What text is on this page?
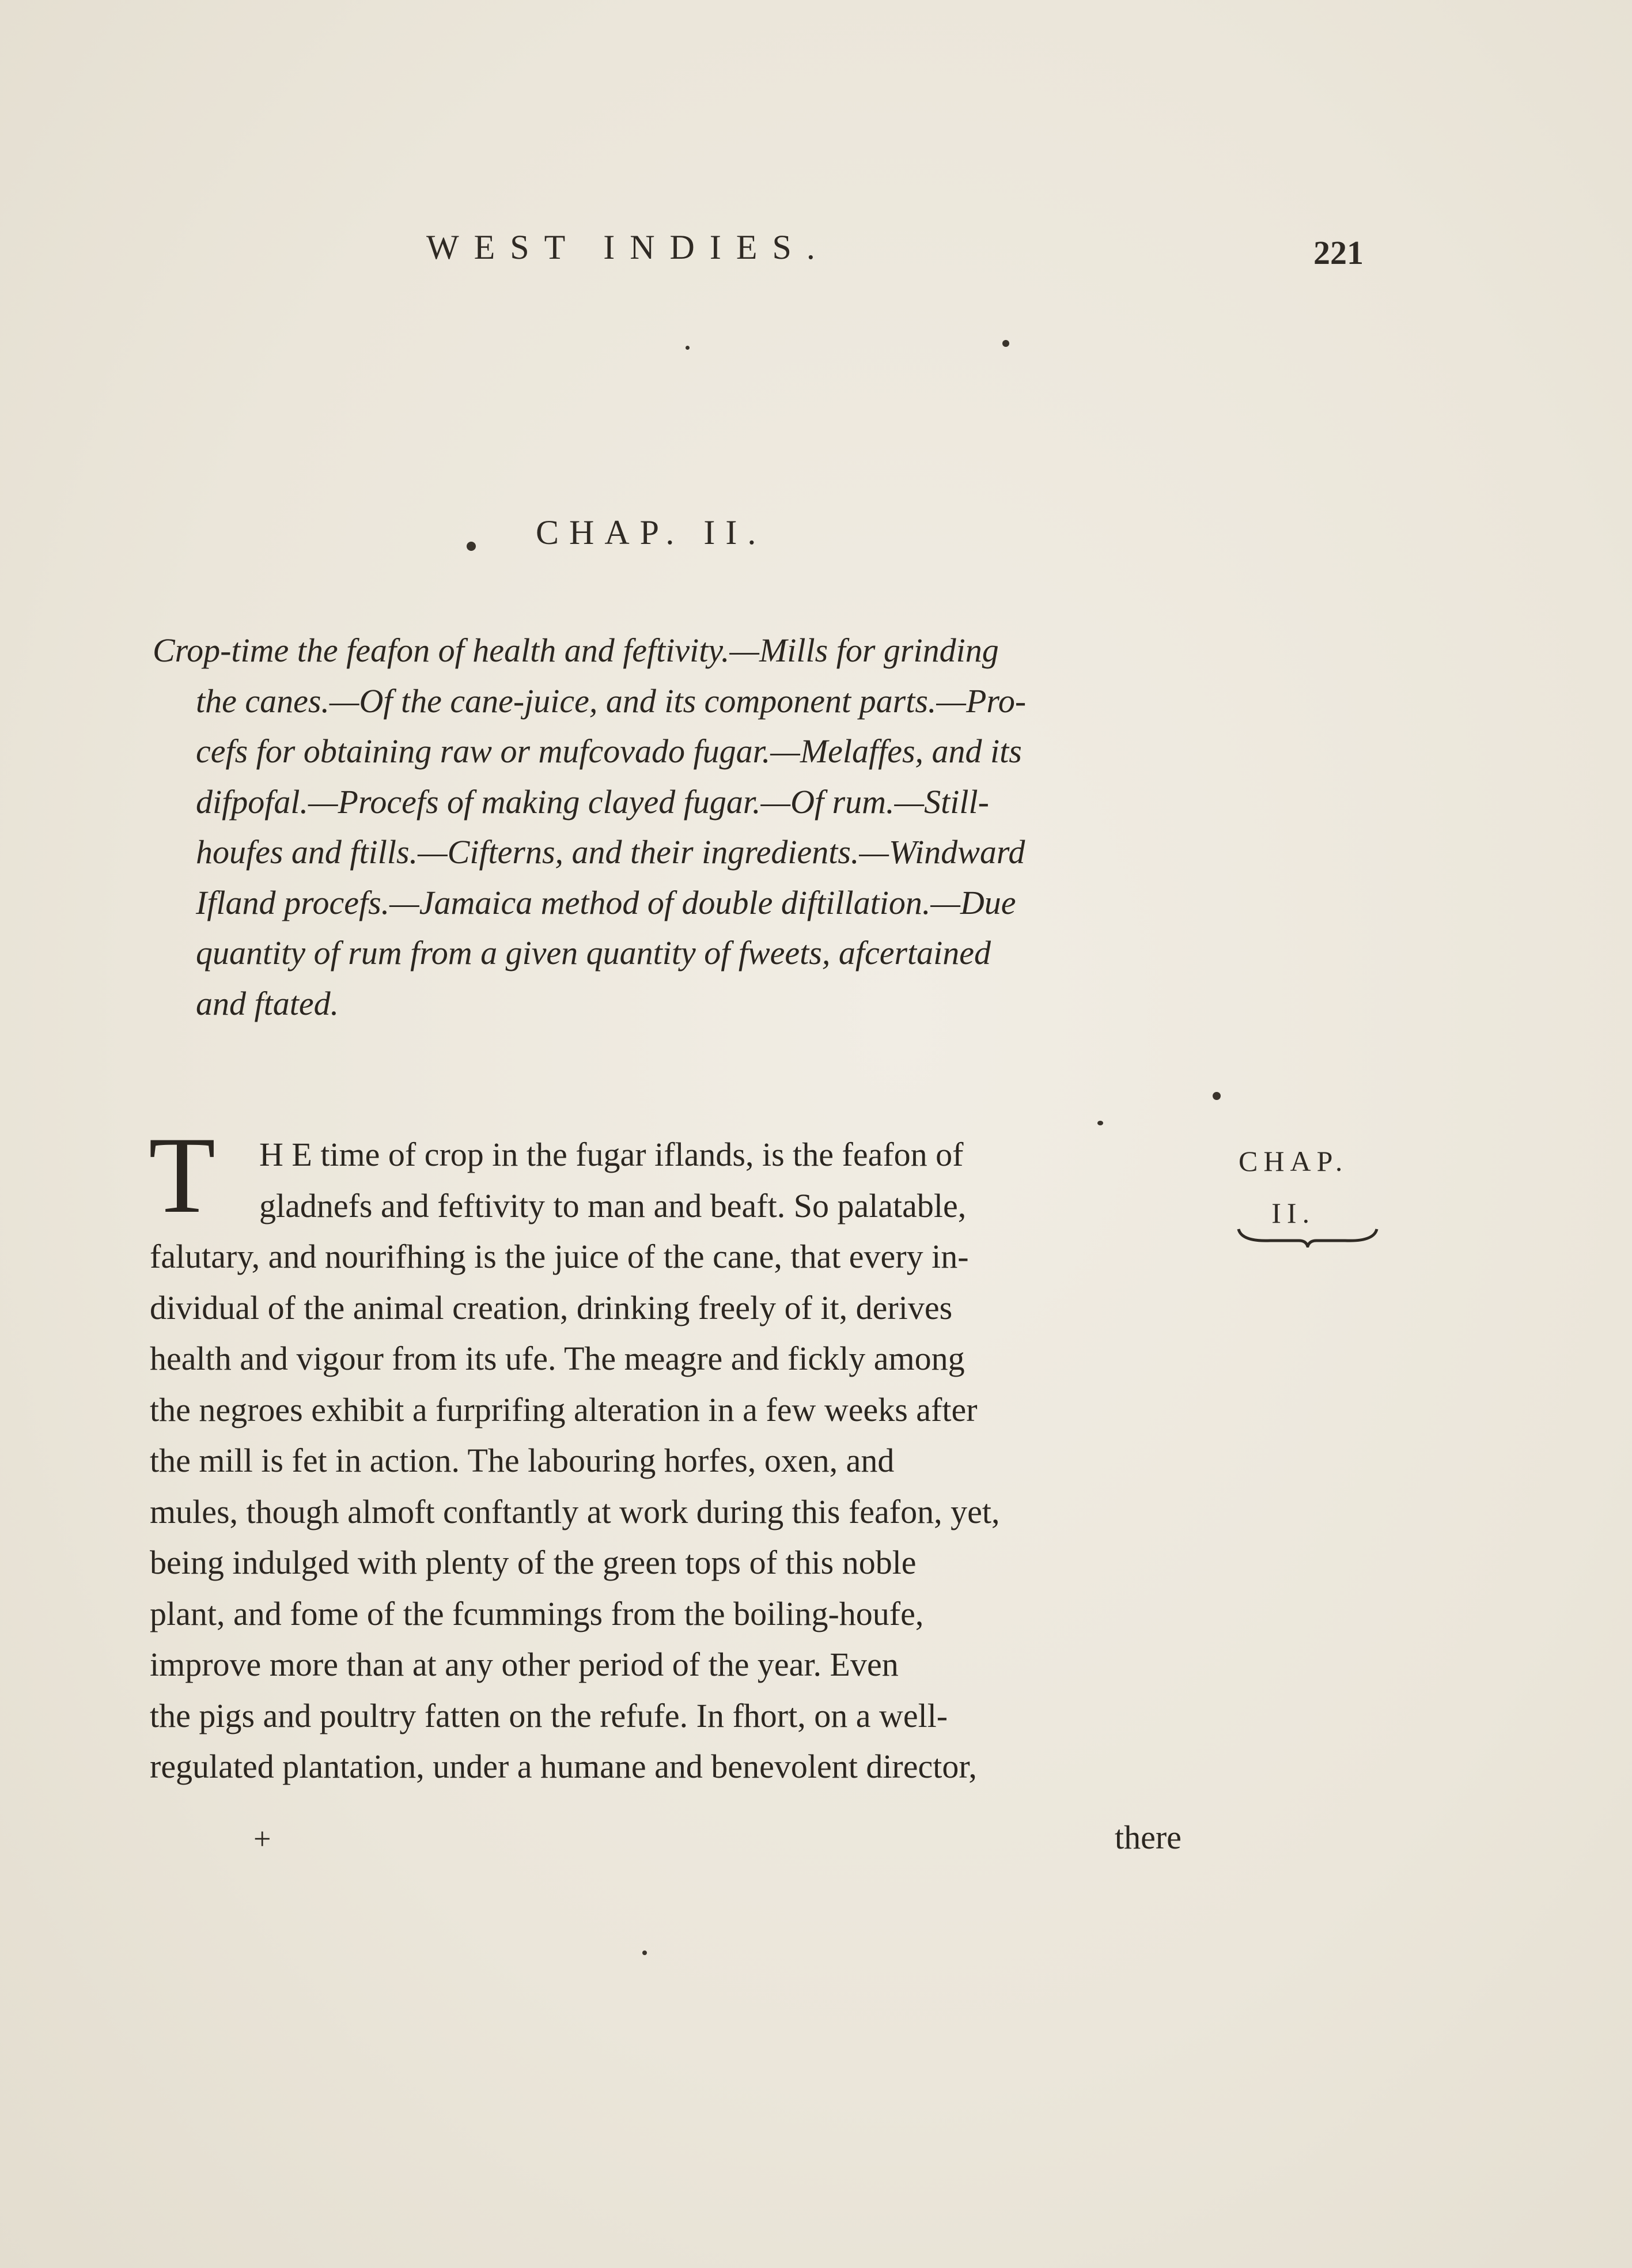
WEST INDIES.	221
CHAP. II.
Crop-time the feafon of health and feftivity.—Mills for grinding
the canes.—Of the cane-juice, and its component parts.—Pro-
cefs for obtaining raw or mufcovado fugar.—Melaffes, and its
difpofal.—Procefs of making clayed fugar.—Of rum.—Still-
houfes and ftills.—Cifterns, and their ingredients.—Windward
Ifland procefs.—Jamaica method of double diftillation.—Due
quantity of rum from a given quantity of fweets, afcertained
and ftated.
T	H E time of crop in the fugar iflands, is the feafon of
gladnefs and feftivity to man and beaft. So palatable,
falutary, and nourifhing is the juice of the cane, that every in-
dividual of the animal creation, drinking freely of it, derives
health and vigour from its ufe. The meagre and fickly among
the negroes exhibit a furprifing alteration in a few weeks after
the mill is fet in action. The labouring horfes, oxen, and
mules, though almoft conftantly at work during this feafon, yet,
being indulged with plenty of the green tops of this noble
plant, and fome of the fcummings from the boiling-houfe,
improve more than at any other period of the year. Even
the pigs and poultry fatten on the refufe. In fhort, on a well-
regulated plantation, under a humane and benevolent director,
CHAP.
II.
+	there
